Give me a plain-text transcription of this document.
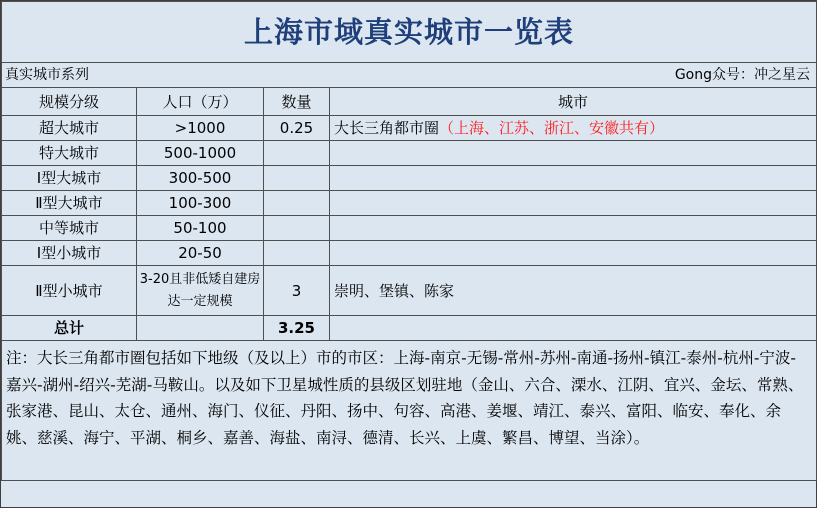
上海市域真实城市一览表			

真实城市系列 Gong众号：冲之星云			

规模分级	人口（万）	数量	城市
超大城市	>1000	0.25	大长三角都市圈（上海、江苏、浙江、安徽共有）
特大城市	500-1000		
Ⅰ型大城市	300-500		
Ⅱ型大城市	100-300		
中等城市	50-100		
Ⅰ型小城市	20-50		
Ⅱ型小城市	3-20且非低矮自建房达一定规模	3	崇明、堡镇、陈家
总计		3.25	
注：大长三角都市圈包括如下地级（及以上）市的市区：上海-南京-无锡-常州-苏州-南通-扬州-镇江-泰州-杭州-宁波-嘉兴-湖州-绍兴-芜湖-马鞍山。以及如下卫星城性质的县级区划驻地（金山、六合、溧水、江阴、宜兴、金坛、常熟、张家港、昆山、太仓、通州、海门、仪征、丹阳、扬中、句容、高港、姜堰、靖江、泰兴、富阳、临安、奉化、余姚、慈溪、海宁、平湖、桐乡、嘉善、海盐、南浔、德清、长兴、上虞、繁昌、博望、当涂）。			
